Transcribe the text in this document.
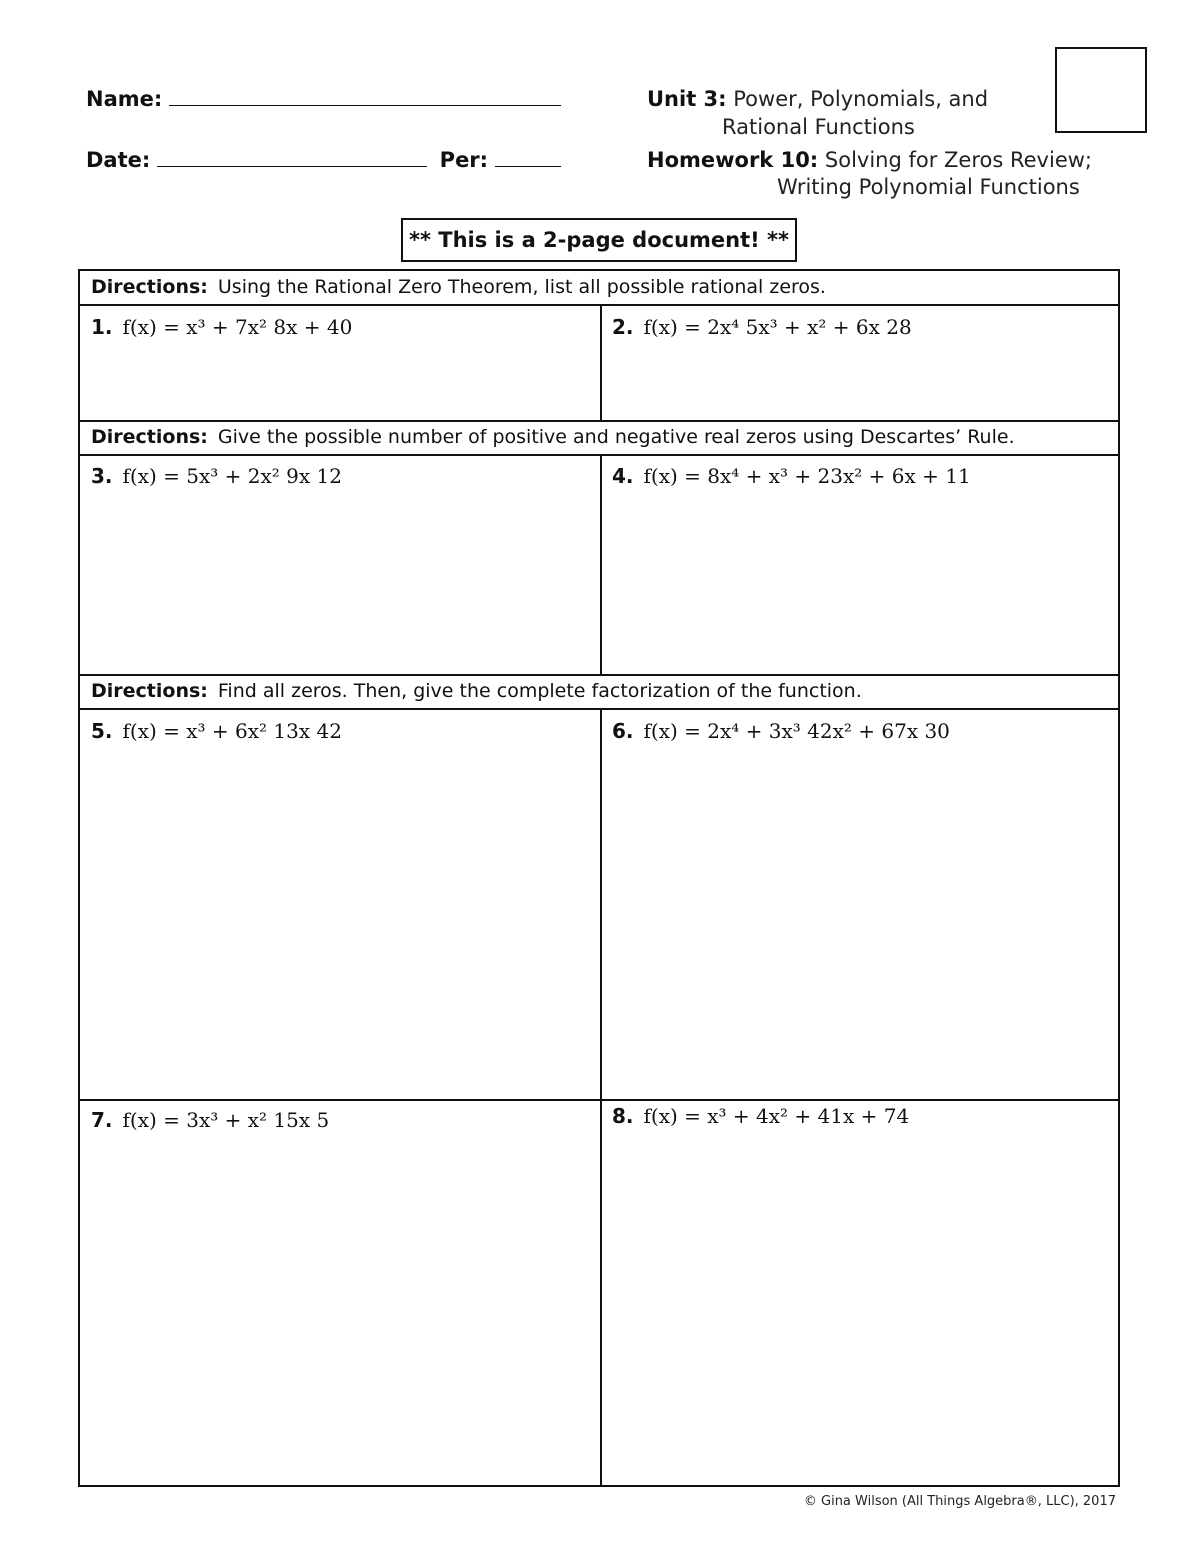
Name:
Date:	Per:
Unit 3: Power, Polynomials, and
Rational Functions
Homework 10: Solving for Zeros Review;
Writing Polynomial Functions
** This is a 2-page document! **
Directions: Using the Rational Zero Theorem, list all possible rational zeros.
1. f(x) = x³ + 7x² 8x + 40	2. f(x) = 2x⁴ 5x³ + x² + 6x 28
Directions: Give the possible number of positive and negative real zeros using Descartes’ Rule.
3. f(x) = 5x³ + 2x² 9x 12	4. f(x) = 8x⁴ + x³ + 23x² + 6x + 11
Directions: Find all zeros. Then, give the complete factorization of the function.
5. f(x) = x³ + 6x² 13x 42	6. f(x) = 2x⁴ + 3x³ 42x² + 67x 30
7. f(x) = 3x³ + x² 15x 5	8. f(x) = x³ + 4x² + 41x + 74
© Gina Wilson (All Things Algebra®, LLC), 2017
